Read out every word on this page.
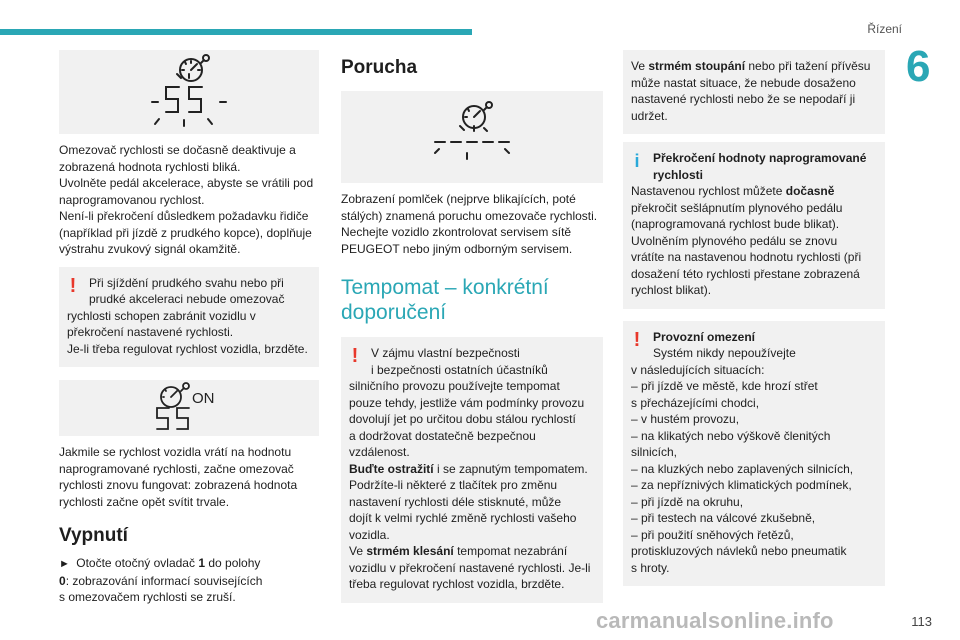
Řízení
6
Omezovač rychlosti se dočasně deaktivuje a
zobrazená hodnota rychlosti bliká.
Uvolněte pedál akcelerace, abyste se vrátili pod
naprogramovanou rychlost.
Není-li překročení důsledkem požadavku řidiče
(například při jízdě z prudkého kopce), doplňuje
výstrahu zvukový signál okamžitě.
!	Při sjíždění prudkého svahu nebo při
prudké akceleraci nebude omezovač
rychlosti schopen zabránit vozidlu v
překročení nastavené rychlosti.
Je-li třeba regulovat rychlost vozidla, brzděte.
ON
Jakmile se rychlost vozidla vrátí na hodnotu
naprogramované rychlosti, začne omezovač
rychlosti znovu fungovat: zobrazená hodnota
rychlosti začne opět svítit trvale.
Vypnutí
► Otočte otočný ovladač 1 do polohy
0: zobrazování informací souvisejících
s omezovačem rychlosti se zruší.
Porucha
Zobrazení pomlček (nejprve blikajících, poté
stálých) znamená poruchu omezovače rychlosti.
Nechejte vozidlo zkontrolovat servisem sítě
PEUGEOT nebo jiným odborným servisem.
Tempomat – konkrétní
doporučení
!	V zájmu vlastní bezpečnosti
i bezpečnosti ostatních účastníků
silničního provozu používejte tempomat
pouze tehdy, jestliže vám podmínky provozu
dovolují jet po určitou dobu stálou rychlostí
a dodržovat dostatečně bezpečnou
vzdálenost.
Buďte ostražití i se zapnutým tempomatem.
Podržíte-li některé z tlačítek pro změnu
nastavení rychlosti déle stisknuté, může
dojít k velmi rychlé změně rychlosti vašeho
vozidla.
Ve strmém klesání tempomat nezabrání
vozidlu v překročení nastavené rychlosti. Je-li
třeba regulovat rychlost vozidla, brzděte.
Ve strmém stoupání nebo při tažení přívěsu
může nastat situace, že nebude dosaženo
nastavené rychlosti nebo že se nepodaří ji
udržet.
i	Překročení hodnoty naprogramované
rychlosti
Nastavenou rychlost můžete dočasně
překročit sešlápnutím plynového pedálu
(naprogramovaná rychlost bude blikat).
Uvolněním plynového pedálu se znovu
vrátíte na nastavenou hodnotu rychlosti (při
dosažení této rychlosti přestane zobrazená
rychlost blikat).
!	Provozní omezení
Systém nikdy nepoužívejte
v následujících situacích:
– při jízdě ve městě, kde hrozí střet
s přecházejícími chodci,
– v hustém provozu,
– na klikatých nebo výškově členitých
silnicích,
– na kluzkých nebo zaplavených silnicích,
– za nepříznivých klimatických podmínek,
– při jízdě na okruhu,
– při testech na válcové zkušebně,
– při použití sněhových řetězů,
protiskluzových návleků nebo pneumatik
s hroty.
carmanualsonline.info	113
